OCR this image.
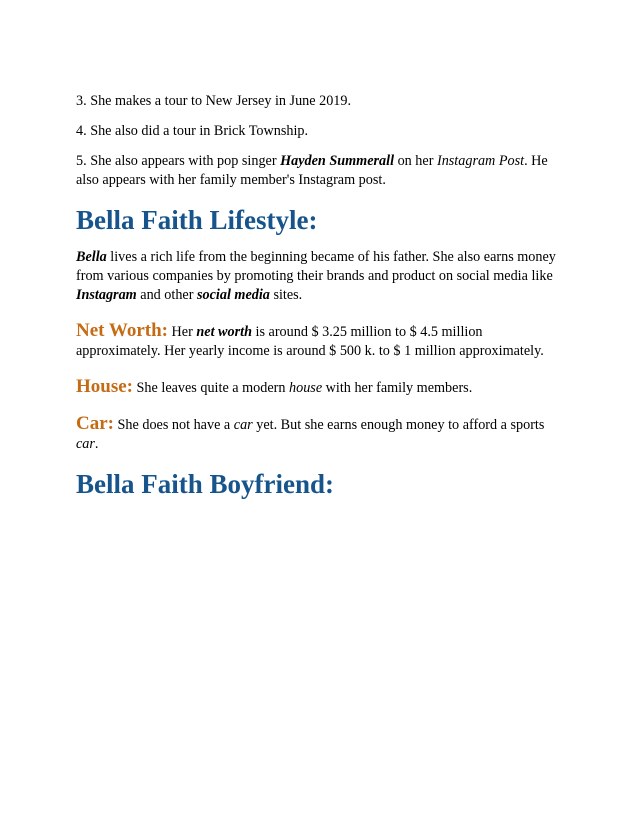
3. She makes a tour to New Jersey in June 2019.

4. She also did a tour in Brick Township.

5. She also appears with pop singer Hayden Summerall on her Instagram Post. He also appears with her family member's Instagram post.

Bella Faith Lifestyle:

Bella lives a rich life from the beginning became of his father. She also earns money from various companies by promoting their brands and product on social media like Instagram and other social media sites.

Net Worth: Her net worth is around $ 3.25 million to $ 4.5 million approximately. Her yearly income is around $ 500 k. to $ 1 million approximately.

House: She leaves quite a modern house with her family members.

Car: She does not have a car yet. But she earns enough money to afford a sports car.

Bella Faith Boyfriend:
